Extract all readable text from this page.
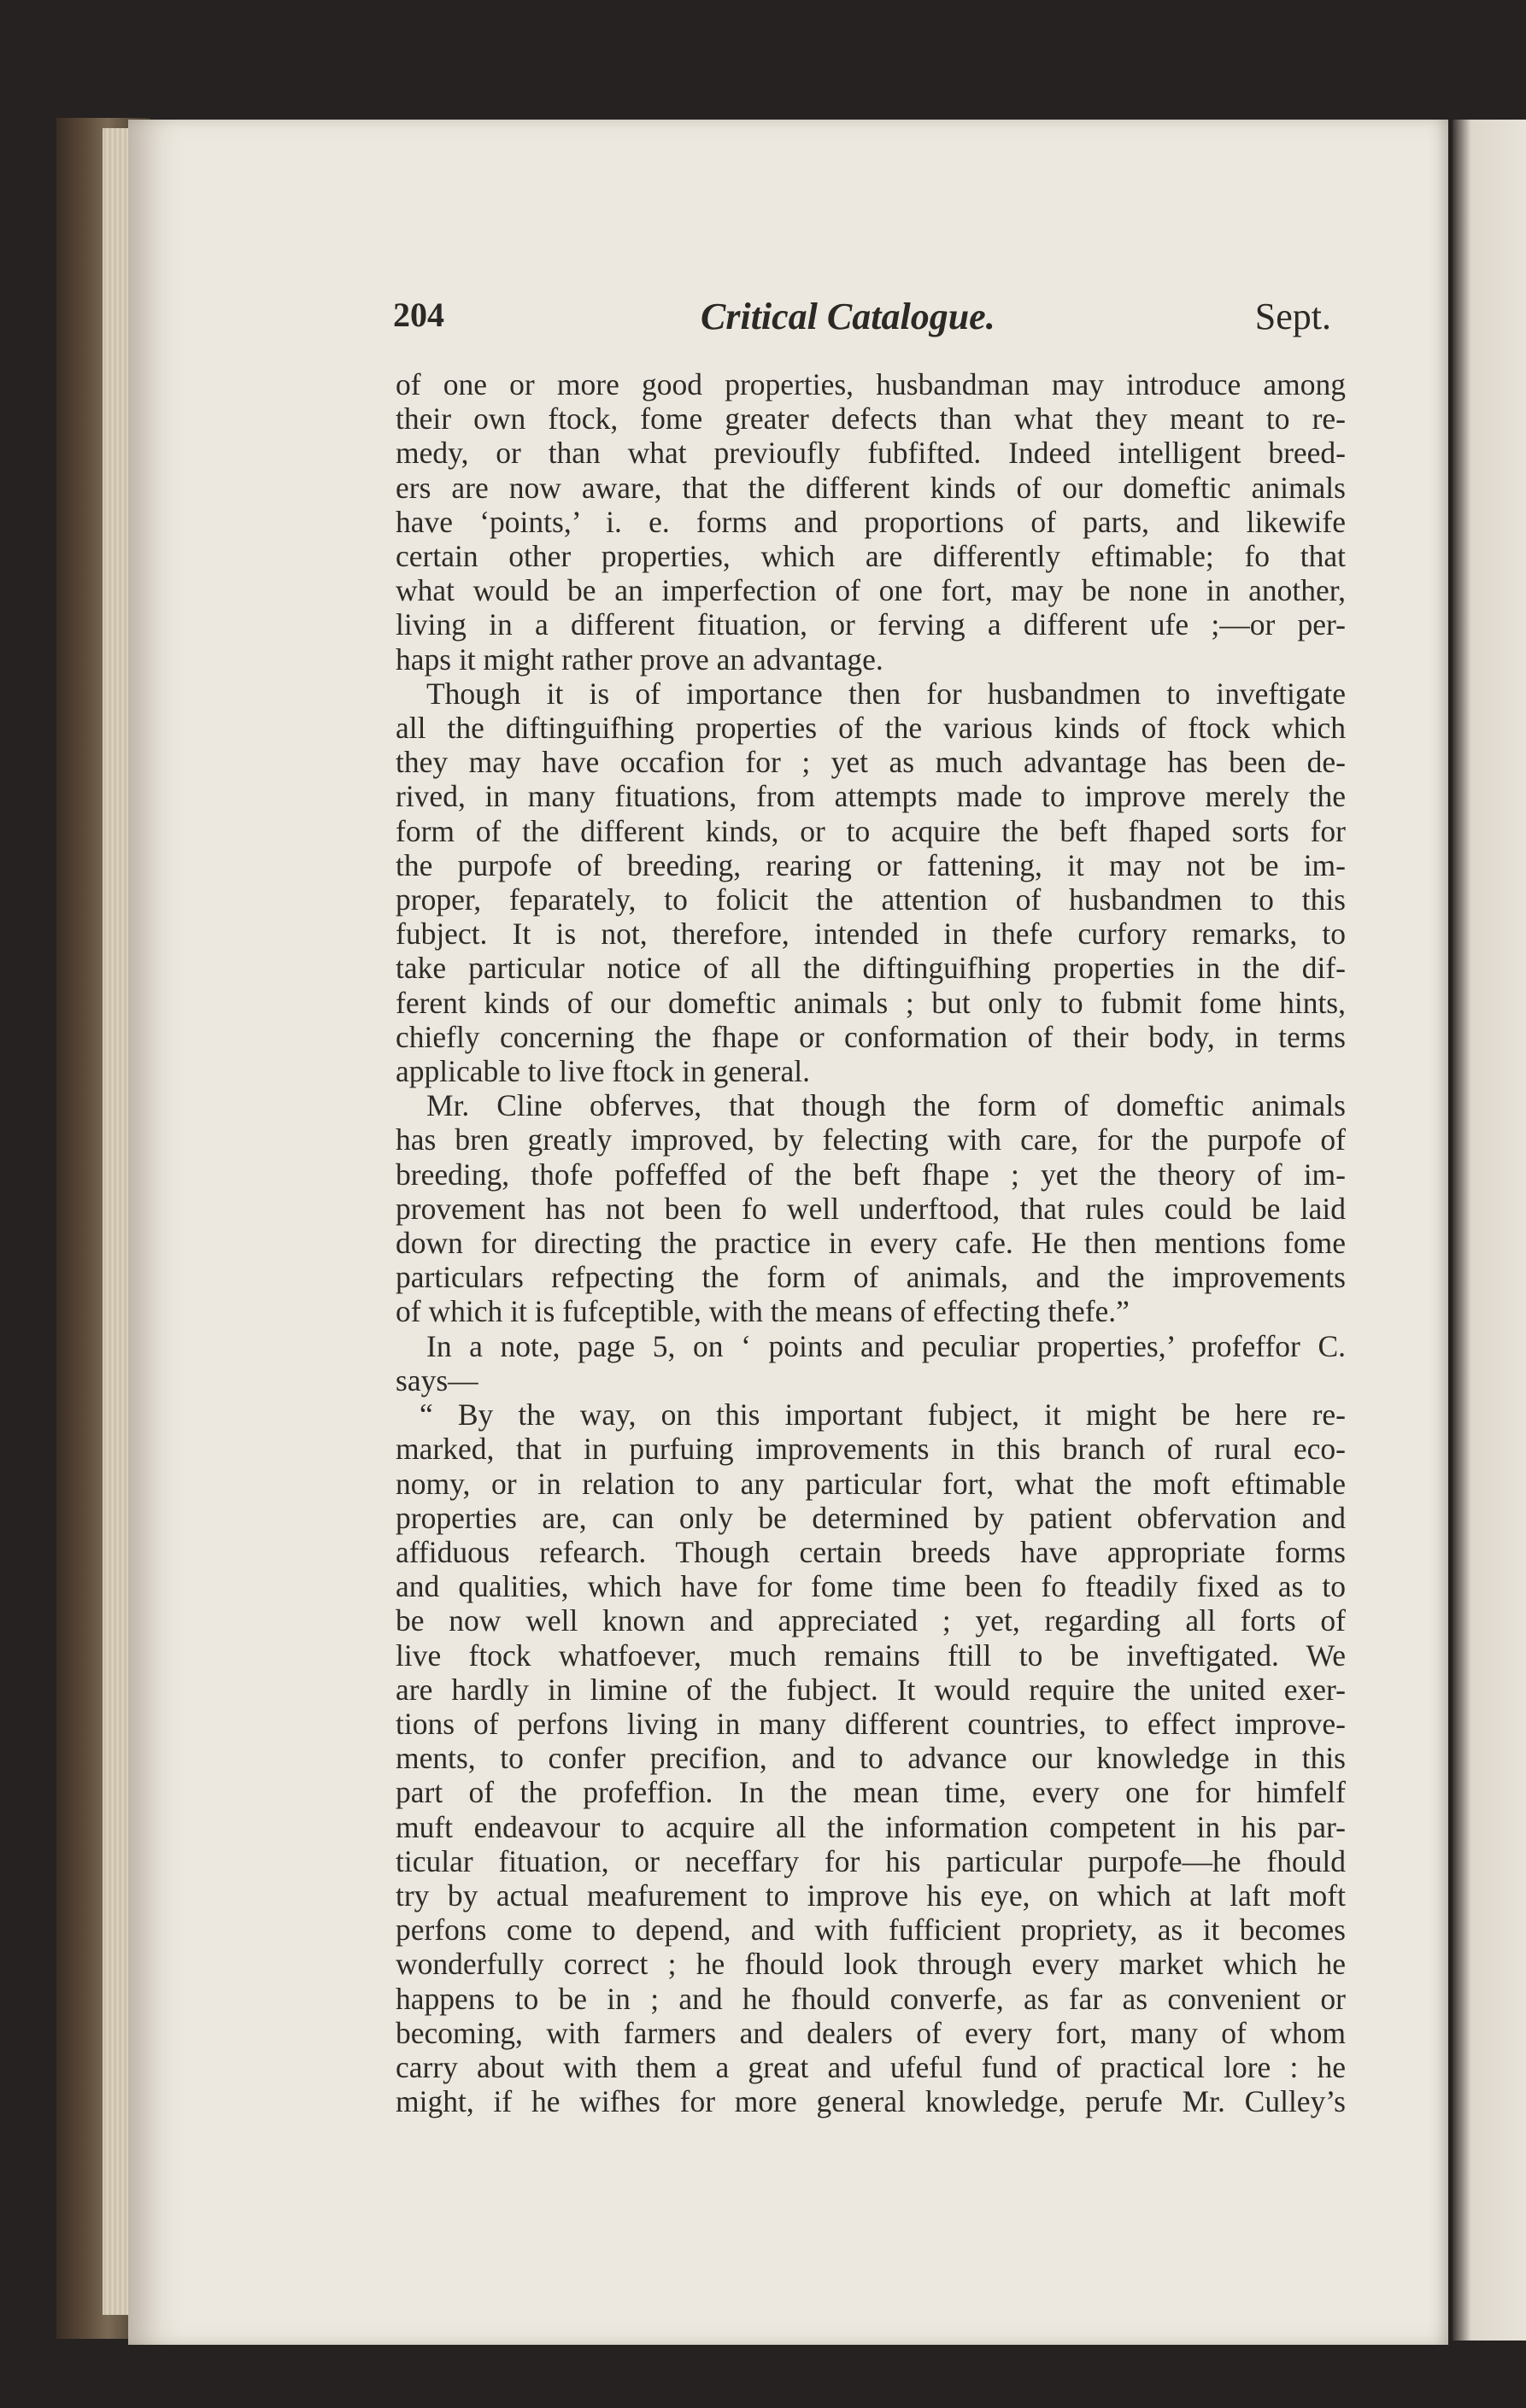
204	Critical Catalogue.	Sept.
of one or more good properties, husbandman may introduce among
their own ftock, fome greater defects than what they meant to re-
medy, or than what previoufly fubfifted. Indeed intelligent breed-
ers are now aware, that the different kinds of our domeftic animals
have ‘points,’ i. e. forms and proportions of parts, and likewife
certain other properties, which are differently eftimable; fo that
what would be an imperfection of one fort, may be none in another,
living in a different fituation, or ferving a different ufe ;—or per-
haps it might rather prove an advantage.
Though it is of importance then for husbandmen to inveftigate
all the diftinguifhing properties of the various kinds of ftock which
they may have occafion for ; yet as much advantage has been de-
rived, in many fituations, from attempts made to improve merely the
form of the different kinds, or to acquire the beft fhaped sorts for
the purpofe of breeding, rearing or fattening, it may not be im-
proper, feparately, to folicit the attention of husbandmen to this
fubject. It is not, therefore, intended in thefe curfory remarks, to
take particular notice of all the diftinguifhing properties in the dif-
ferent kinds of our domeftic animals ; but only to fubmit fome hints,
chiefly concerning the fhape or conformation of their body, in terms
applicable to live ftock in general.
Mr. Cline obferves, that though the form of domeftic animals
has bren greatly improved, by felecting with care, for the purpofe of
breeding, thofe poffeffed of the beft fhape ; yet the theory of im-
provement has not been fo well underftood, that rules could be laid
down for directing the practice in every cafe. He then mentions fome
particulars refpecting the form of animals, and the improvements
of which it is fufceptible, with the means of effecting thefe.”
In a note, page 5, on ‘ points and peculiar properties,’ profeffor C.
says—
“ By the way, on this important fubject, it might be here re-
marked, that in purfuing improvements in this branch of rural eco-
nomy, or in relation to any particular fort, what the moft eftimable
properties are, can only be determined by patient obfervation and
affiduous refearch. Though certain breeds have appropriate forms
and qualities, which have for fome time been fo fteadily fixed as to
be now well known and appreciated ; yet, regarding all forts of
live ftock whatfoever, much remains ftill to be inveftigated. We
are hardly in limine of the fubject. It would require the united exer-
tions of perfons living in many different countries, to effect improve-
ments, to confer precifion, and to advance our knowledge in this
part of the profeffion. In the mean time, every one for himfelf
muft endeavour to acquire all the information competent in his par-
ticular fituation, or neceffary for his particular purpofe—he fhould
try by actual meafurement to improve his eye, on which at laft moft
perfons come to depend, and with fufficient propriety, as it becomes
wonderfully correct ; he fhould look through every market which he
happens to be in ; and he fhould converfe, as far as convenient or
becoming, with farmers and dealers of every fort, many of whom
carry about with them a great and ufeful fund of practical lore : he
might, if he wifhes for more general knowledge, perufe Mr. Culley’s
